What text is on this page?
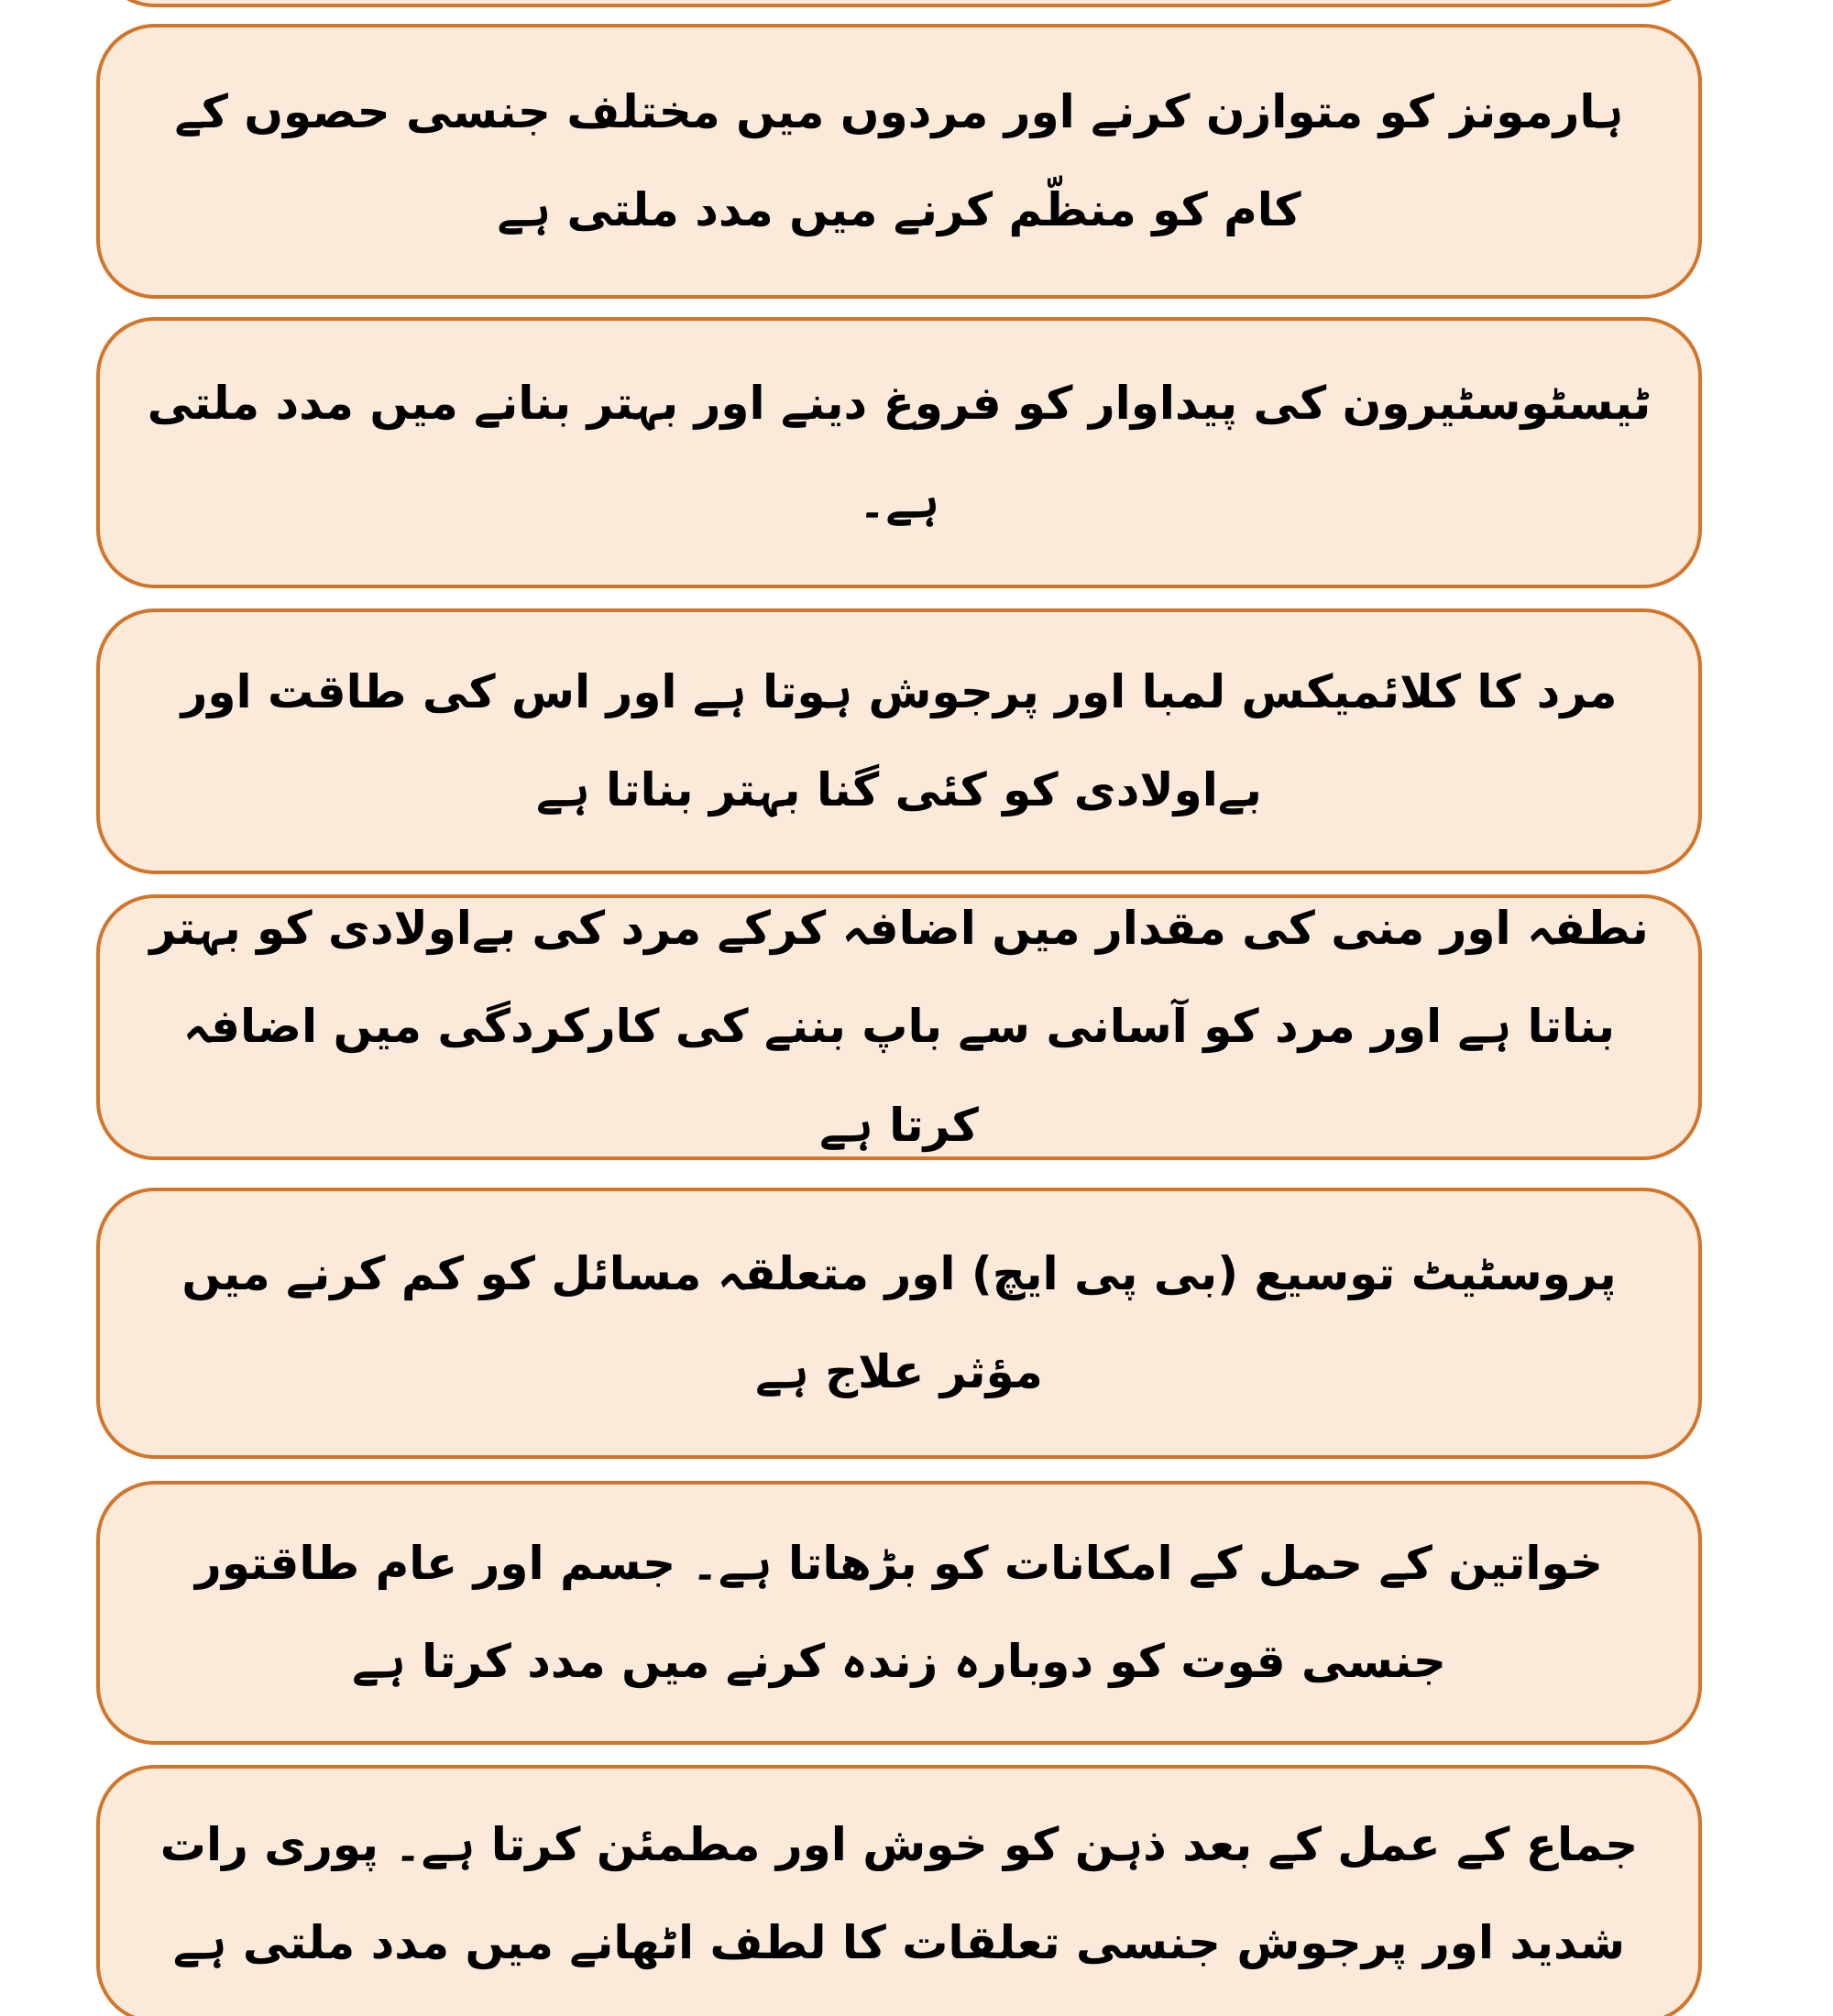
ہارمونز کو متوازن کرنے اور مردوں میں مختلف جنسی حصوں کے کام کو منظّم کرنے میں مدد ملتی ہے

ٹیسٹوسٹیرون کی پیداوار کو فروغ دینے اور بہتر بنانے میں مدد ملتی ہے۔

مرد کا کلائمیکس لمبا اور پرجوش ہوتا ہے اور اس کی طاقت اور بےاولادی کو کئی گنا بہتر بناتا ہے

نطفہ اور منی کی مقدار میں اضافہ کرکے مرد کی بےاولادی کو بہتر بناتا ہے اور مرد کو آسانی سے باپ بننے کی کارکردگی میں اضافہ کرتا ہے

پروسٹیٹ توسیع (بی پی ایچ) اور متعلقہ مسائل کو کم کرنے میں مؤثر علاج ہے

خواتین کے حمل کے امکانات کو بڑھاتا ہے۔ جسم اور عام طاقتور جنسی قوت کو دوبارہ زندہ کرنے میں مدد کرتا ہے

جماع کے عمل کے بعد ذہن کو خوش اور مطمئن کرتا ہے۔ پوری رات شدید اور پرجوش جنسی تعلقات کا لطف اٹھانے میں مدد ملتی ہے
